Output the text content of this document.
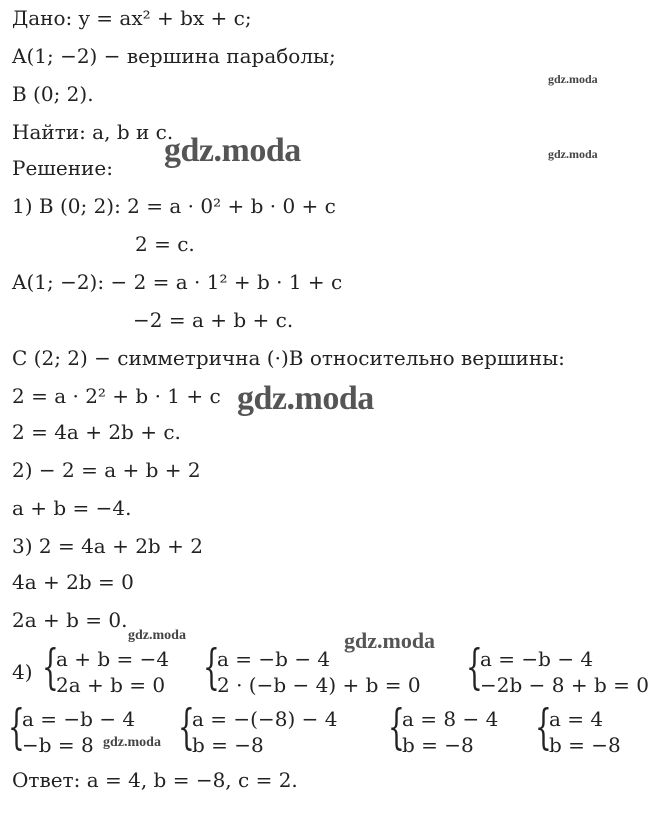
Дано: y = ax² + bx + c;
A(1; −2) − вершина параболы;
B (0; 2).
Найти: a, b и c.
Решение:
1) B (0; 2): 2 = a · 0² + b · 0 + c
2 = c.
A(1; −2): − 2 = a · 1² + b · 1 + c
−2 = a + b + c.
C (2; 2) − симметрична (·)B относительно вершины:
2 = a · 2² + b · 1 + c
2 = 4a + 2b + c.
2) − 2 = a + b + 2
a + b = −4.
3) 2 = 4a + 2b + 2
4a + 2b = 0
2a + b = 0.
4) {
a + b = −4
2a + b = 0 {
a = −b − 4
2 · (−b − 4) + b = 0 {
a = −b − 4
−2b − 8 + b = 0
{
a = −b − 4
−b = 8 {
a = −(−8) − 4
b = −8	{
a = 8 − 4
b = −8 {
a = 4
b = −8
Ответ: a = 4, b = −8, c = 2.
gdz.moda
gdz.moda
gdz.moda
gdz.moda
gdz.moda	gdz.moda
gdz.moda
